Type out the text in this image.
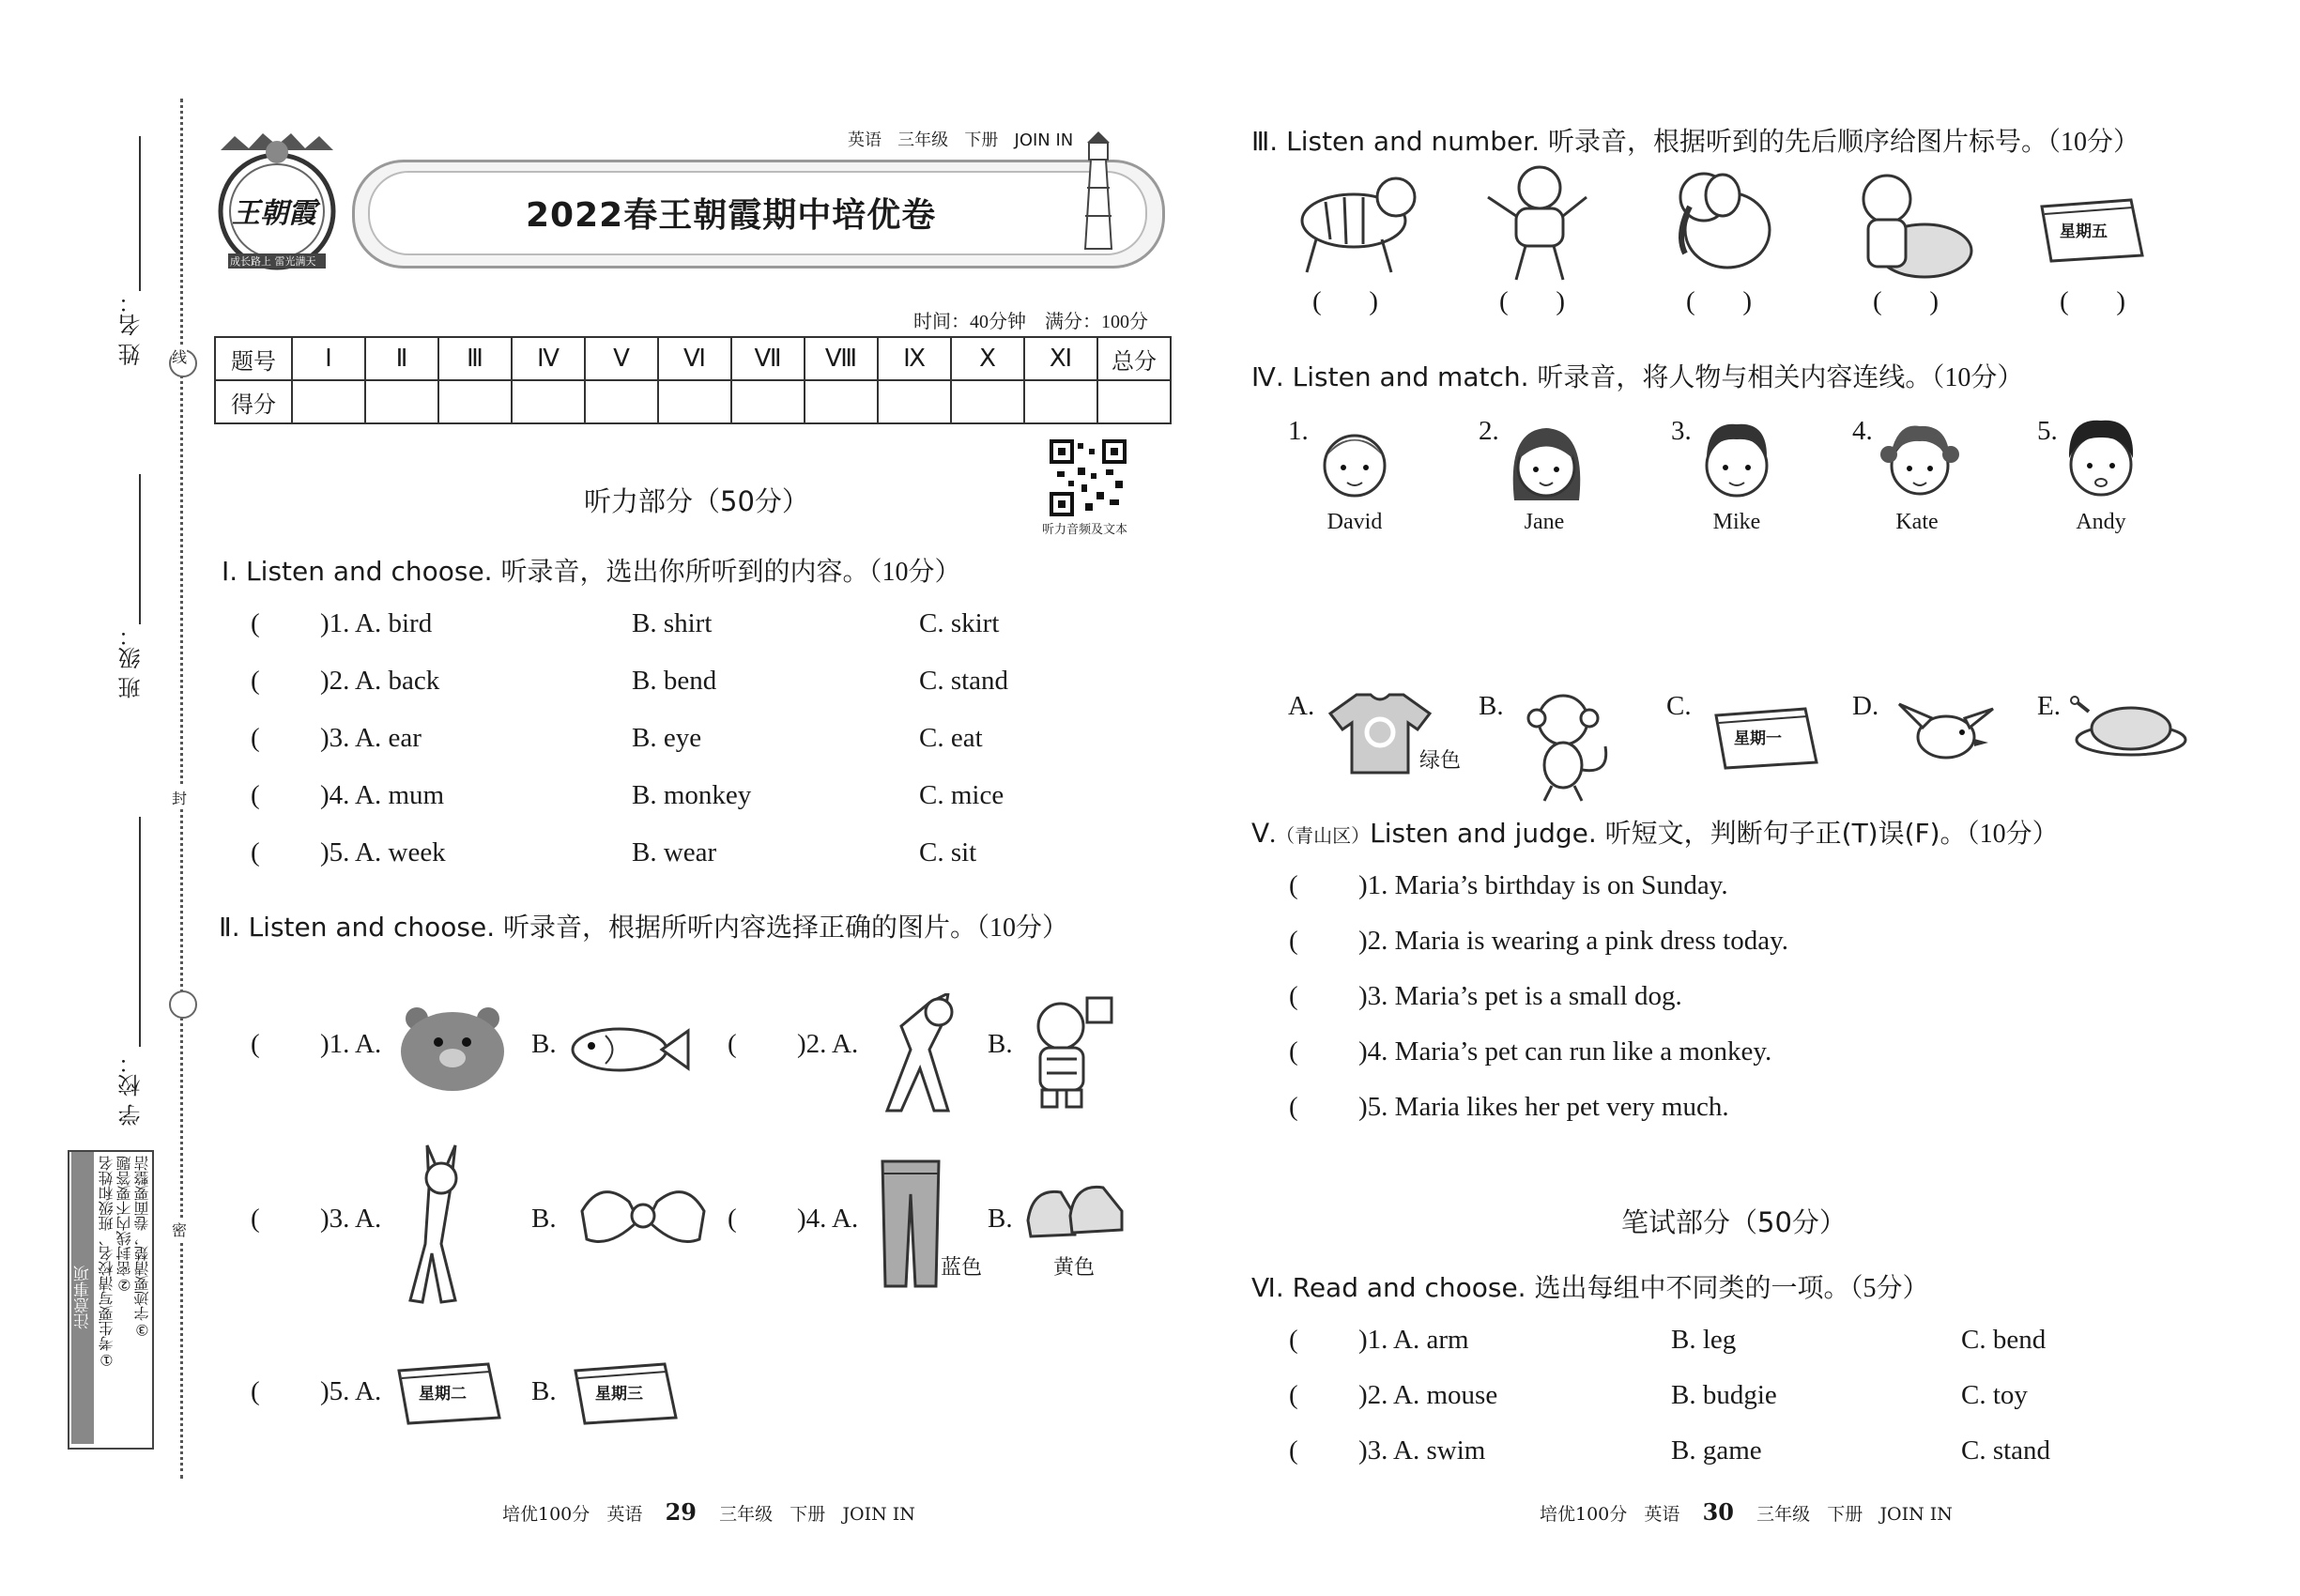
线
封
密
姓 名：
班 级：
学 校：
注意事项 ①考生要写清校名、班级和姓名 ②密封线内不要答题 ③字迹要清楚，卷面要整洁
王朝霞
成长路上 雷光满天
2022春王朝霞期中培优卷
英语 三年级 下册 JOIN IN
时间：40分钟    满分：100分
题号	Ⅰ	Ⅱ	Ⅲ	Ⅳ	Ⅴ	Ⅵ	Ⅶ	Ⅷ	Ⅸ	Ⅹ	Ⅺ	总分
得分												
听力音频及文本
听力部分（50分）
Ⅰ. Listen and choose. 听录音，选出你所听到的内容。（10分）
( )1. A. bird	B. shirt	C. skirt
( )2. A. back	B. bend	C. stand
( )3. A. ear	B. eye	C. eat
( )4. A. mum	B. monkey	C. mice
( )5. A. week	B. wear	C. sit
Ⅱ. Listen and choose. 听录音，根据所听内容选择正确的图片。（10分）
( )1. A.	B.	( )2. A.	B.
( )3. A.	B.	( )4. A.
蓝色
B.
黄色
( )5. A. 星期二 B. 星期三
培优100分 英语 29 三年级 下册 JOIN IN
Ⅲ. Listen and number. 听录音，根据听到的先后顺序给图片标号。（10分）
星期五
(       )	(       )	(       )	(       )	(       )
Ⅳ. Listen and match. 听录音，将人物与相关内容连线。（10分）
1.
David
2.
Jane
3.
Mike
4.
Kate
5.
Andy
A.
绿色
B.	C.
星期一
D.	E.
Ⅴ.（青山区）Listen and judge. 听短文，判断句子正(T)误(F)。（10分）
( )1. Maria’s birthday is on Sunday.
( )2. Maria is wearing a pink dress today.
( )3. Maria’s pet is a small dog.
( )4. Maria’s pet can run like a monkey.
( )5. Maria likes her pet very much.
笔试部分（50分）
Ⅵ. Read and choose. 选出每组中不同类的一项。（5分）
( )1. A. arm	B. leg	C. bend
( )2. A. mouse	B. budgie	C. toy
( )3. A. swim	B. game	C. stand
培优100分 英语 30 三年级 下册 JOIN IN
